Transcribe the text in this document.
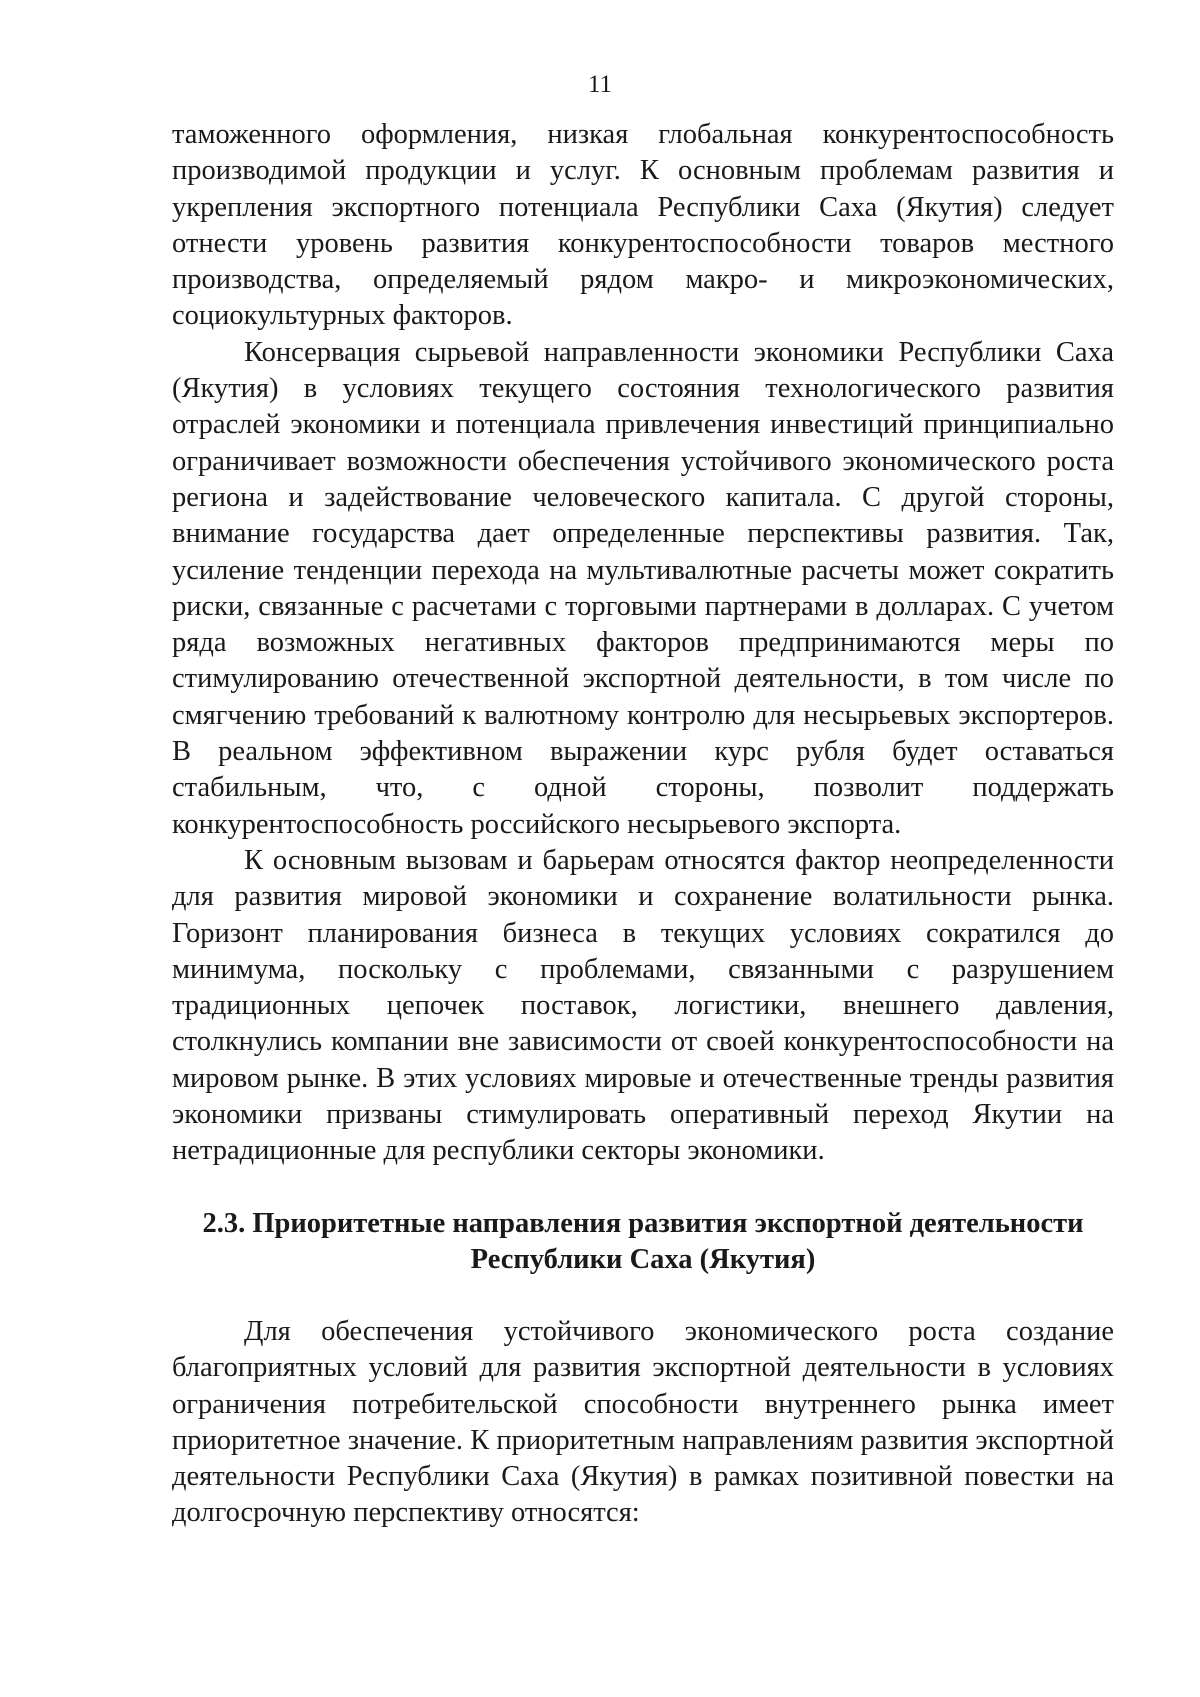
11

таможенного оформления, низкая глобальная конкурентоспособность производимой продукции и услуг. К основным проблемам развития и укрепления экспортного потенциала Республики Саха (Якутия) следует отнести уровень развития конкурентоспособности товаров местного производства, определяемый рядом макро- и микроэкономических, социокультурных факторов.

Консервация сырьевой направленности экономики Республики Саха (Якутия) в условиях текущего состояния технологического развития отраслей экономики и потенциала привлечения инвестиций принципиально ограничивает возможности обеспечения устойчивого экономического роста региона и задействование человеческого капитала. С другой стороны, внимание государства дает определенные перспективы развития. Так, усиление тенденции перехода на мультивалютные расчеты может сократить риски, связанные с расчетами с торговыми партнерами в долларах. С учетом ряда возможных негативных факторов предпринимаются меры по стимулированию отечественной экспортной деятельности, в том числе по смягчению требований к валютному контролю для несырьевых экспортеров. В реальном эффективном выражении курс рубля будет оставаться стабильным, что, с одной стороны, позволит поддержать конкурентоспособность российского несырьевого экспорта.

К основным вызовам и барьерам относятся фактор неопределенности для развития мировой экономики и сохранение волатильности рынка. Горизонт планирования бизнеса в текущих условиях сократился до минимума, поскольку с проблемами, связанными с разрушением традиционных цепочек поставок, логистики, внешнего давления, столкнулись компании вне зависимости от своей конкурентоспособности на мировом рынке. В этих условиях мировые и отечественные тренды развития экономики призваны стимулировать оперативный переход Якутии на нетрадиционные для республики секторы экономики.

2.3. Приоритетные направления развития экспортной деятельности
Республики Саха (Якутия)

Для обеспечения устойчивого экономического роста создание благоприятных условий для развития экспортной деятельности в условиях ограничения потребительской способности внутреннего рынка имеет приоритетное значение. К приоритетным направлениям развития экспортной деятельности Республики Саха (Якутия) в рамках позитивной повестки на долгосрочную перспективу относятся:
